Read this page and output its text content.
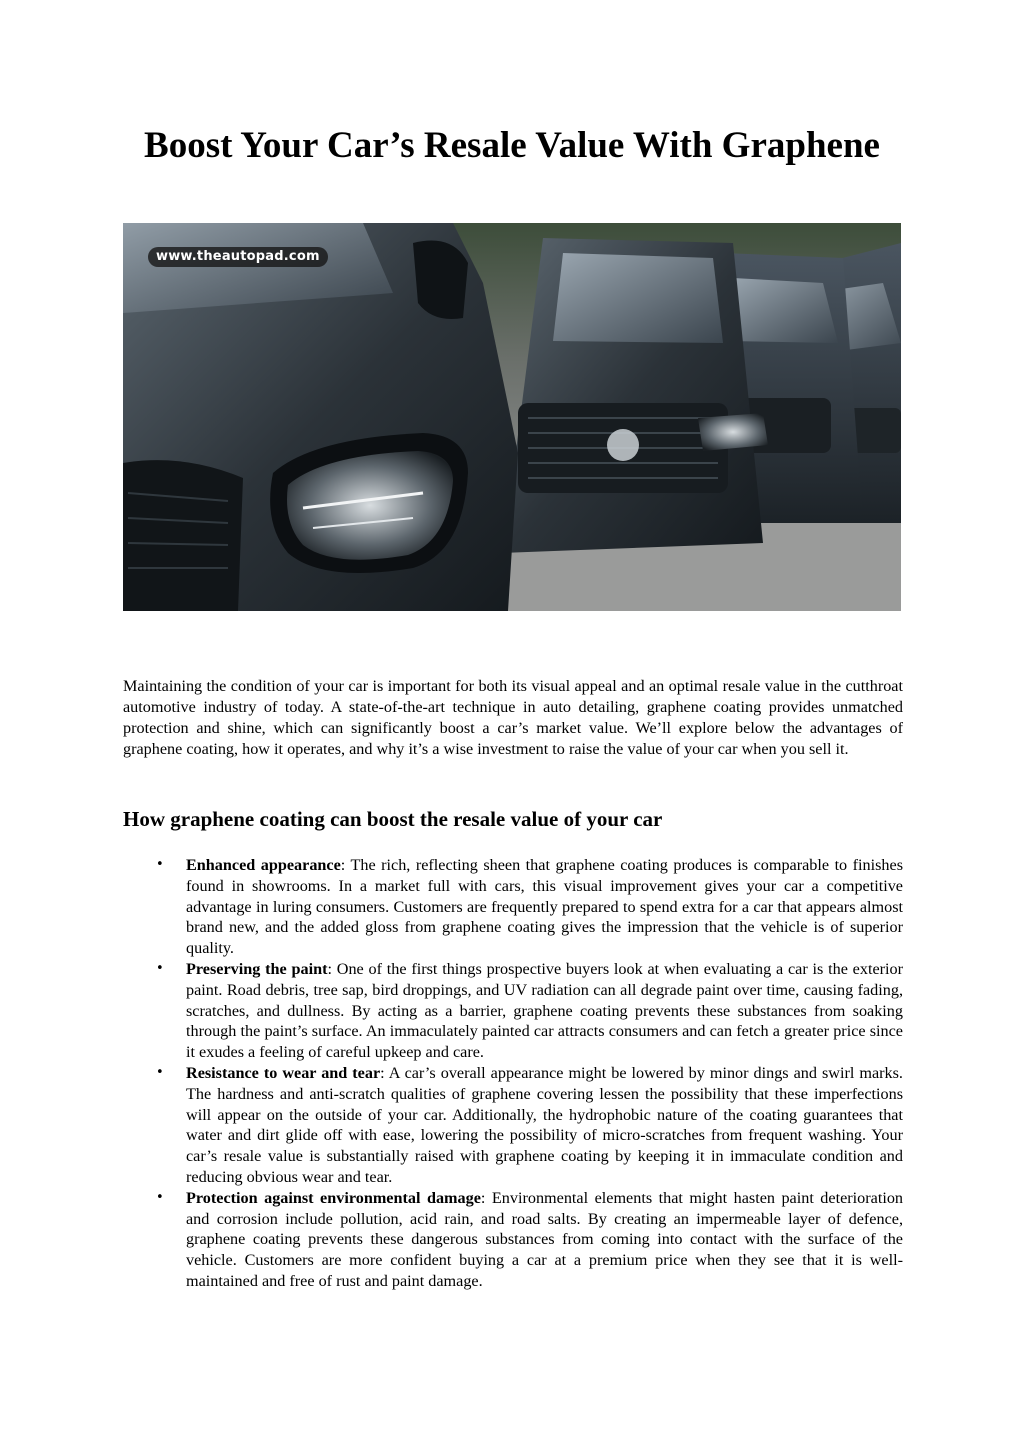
Boost Your Car’s Resale Value With Graphene
www.theautopad.com

Maintaining the condition of your car is important for both its visual appeal and an optimal resale value in the cutthroat automotive industry of today. A state-of-the-art technique in auto detailing, graphene coating provides unmatched protection and shine, which can significantly boost a car’s market value. We’ll explore below the advantages of graphene coating, how it operates, and why it’s a wise investment to raise the value of your car when you sell it.

How graphene coating can boost the resale value of your car
• Enhanced appearance: The rich, reflecting sheen that graphene coating produces is comparable to finishes found in showrooms. In a market full with cars, this visual improvement gives your car a competitive advantage in luring consumers. Customers are frequently prepared to spend extra for a car that appears almost brand new, and the added gloss from graphene coating gives the impression that the vehicle is of superior quality.
• Preserving the paint: One of the first things prospective buyers look at when evaluating a car is the exterior paint. Road debris, tree sap, bird droppings, and UV radiation can all degrade paint over time, causing fading, scratches, and dullness. By acting as a barrier, graphene coating prevents these substances from soaking through the paint’s surface. An immaculately painted car attracts consumers and can fetch a greater price since it exudes a feeling of careful upkeep and care.
• Resistance to wear and tear: A car’s overall appearance might be lowered by minor dings and swirl marks. The hardness and anti-scratch qualities of graphene covering lessen the possibility that these imperfections will appear on the outside of your car. Additionally, the hydrophobic nature of the coating guarantees that water and dirt glide off with ease, lowering the possibility of micro-scratches from frequent washing. Your car’s resale value is substantially raised with graphene coating by keeping it in immaculate condition and reducing obvious wear and tear.
• Protection against environmental damage: Environmental elements that might hasten paint deterioration and corrosion include pollution, acid rain, and road salts. By creating an impermeable layer of defence, graphene coating prevents these dangerous substances from coming into contact with the surface of the vehicle. Customers are more confident buying a car at a premium price when they see that it is well-maintained and free of rust and paint damage.
